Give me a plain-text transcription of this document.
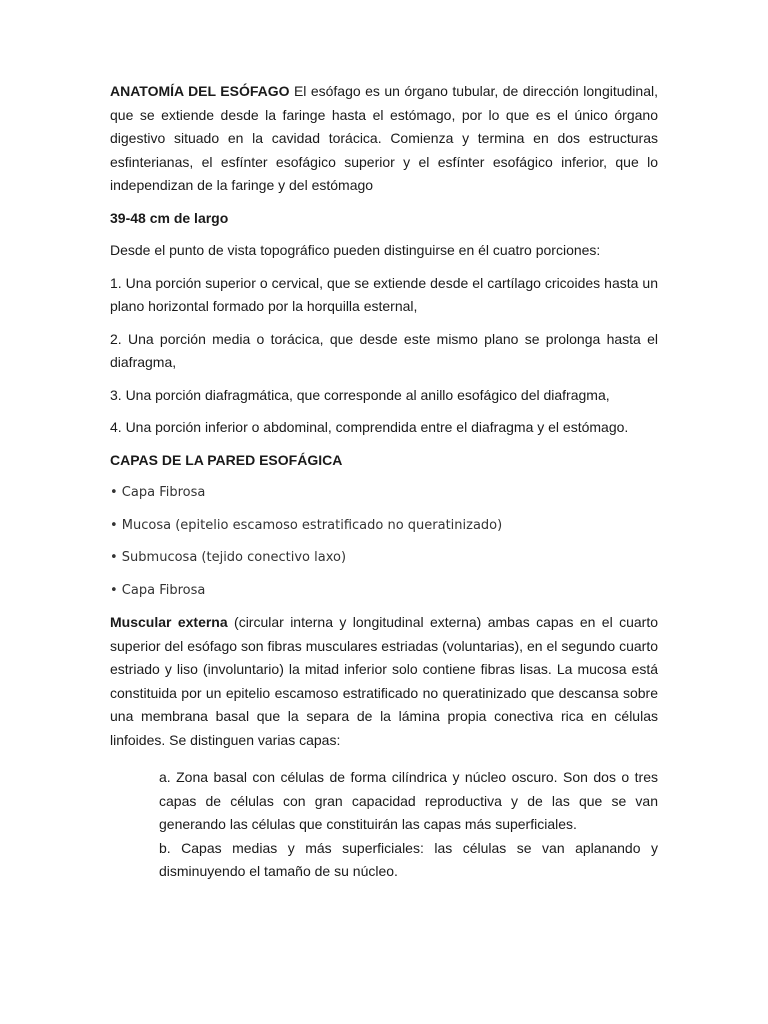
ANATOMÍA DEL ESÓFAGO El esófago es un órgano tubular, de dirección longitudinal, que se extiende desde la faringe hasta el estómago, por lo que es el único órgano digestivo situado en la cavidad torácica. Comienza y termina en dos estructuras esfinterianas, el esfínter esofágico superior y el esfínter esofágico inferior, que lo independizan de la faringe y del estómago

39-48 cm de largo

Desde el punto de vista topográfico pueden distinguirse en él cuatro porciones:

1. Una porción superior o cervical, que se extiende desde el cartílago cricoides hasta un plano horizontal formado por la horquilla esternal,

2. Una porción media o torácica, que desde este mismo plano se prolonga hasta el diafragma,

3. Una porción diafragmática, que corresponde al anillo esofágico del diafragma,

4. Una porción inferior o abdominal, comprendida entre el diafragma y el estómago.

CAPAS DE LA PARED ESOFÁGICA

• Capa Fibrosa

• Mucosa (epitelio escamoso estratificado no queratinizado)

• Submucosa (tejido conectivo laxo)

• Capa Fibrosa

Muscular externa (circular interna y longitudinal externa) ambas capas en el cuarto superior del esófago son fibras musculares estriadas (voluntarias), en el segundo cuarto estriado y liso (involuntario) la mitad inferior solo contiene fibras lisas. La mucosa está constituida por un epitelio escamoso estratificado no queratinizado que descansa sobre una membrana basal que la separa de la lámina propia conectiva rica en células linfoides. Se distinguen varias capas:

a. Zona basal con células de forma cilíndrica y núcleo oscuro. Son dos o tres capas de células con gran capacidad reproductiva y de las que se van generando las células que constituirán las capas más superficiales.

b. Capas medias y más superficiales: las células se van aplanando y disminuyendo el tamaño de su núcleo.
